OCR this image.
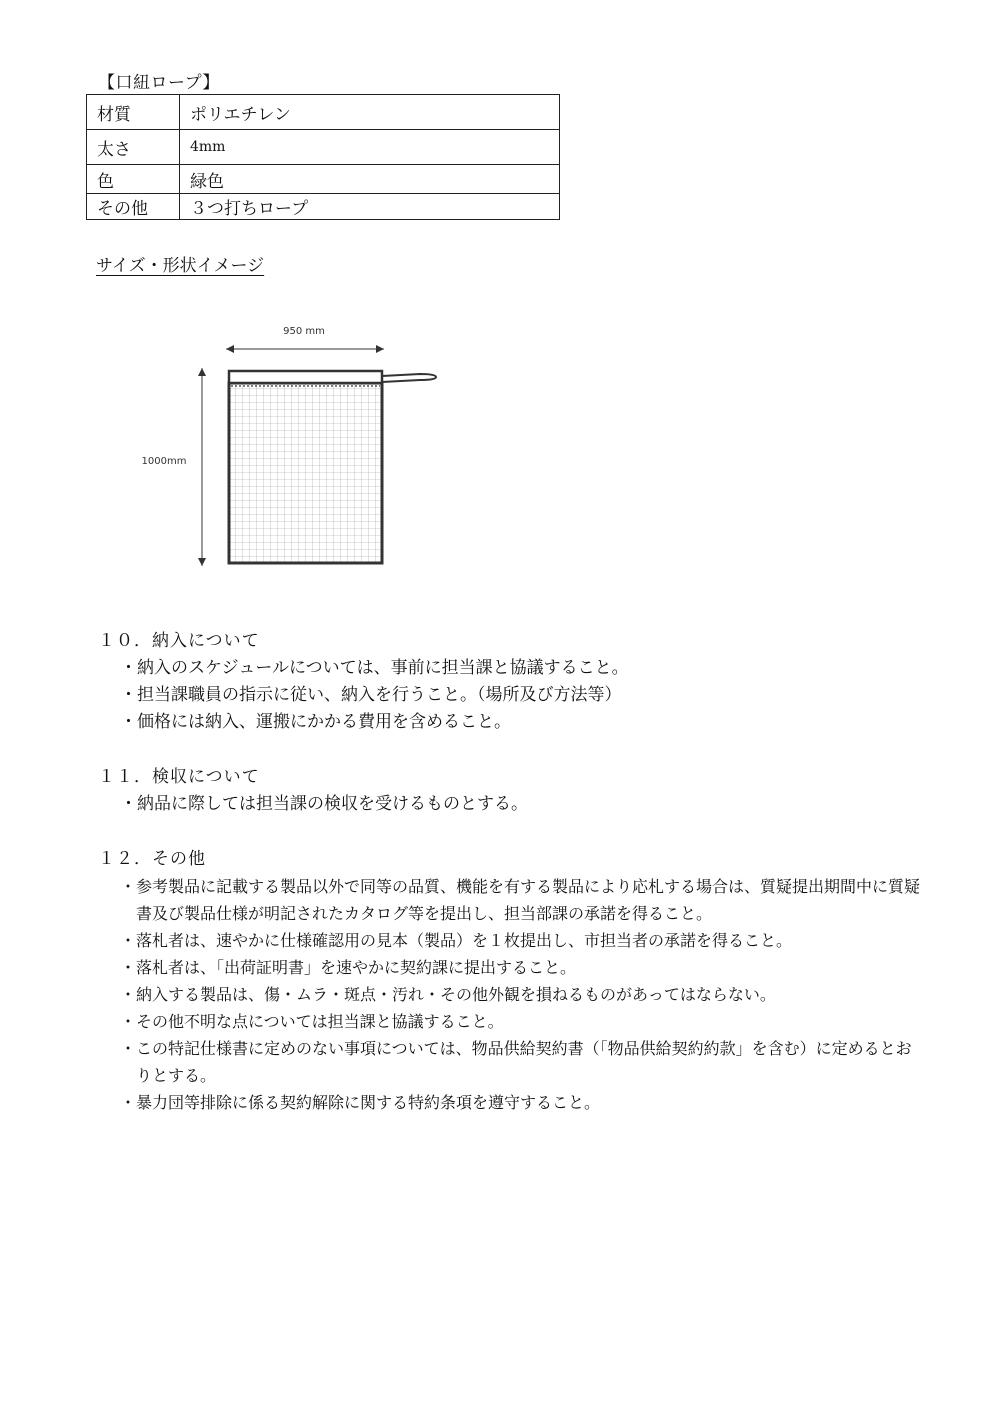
【口紐ロープ】
材質	ポリエチレン
太さ	4mm
色	緑色
その他	３つ打ちロープ
サイズ・形状イメージ
950 mm
1000mm
１０．納入について
・納入のスケジュールについては、事前に担当課と協議すること。
・担当課職員の指示に従い、納入を行うこと。（場所及び方法等）
・価格には納入、運搬にかかる費用を含めること。
１１．検収について
・納品に際しては担当課の検収を受けるものとする。
１２．その他
・参考製品に記載する製品以外で同等の品質、機能を有する製品により応札する場合は、質疑提出期間中に質疑書及び製品仕様が明記されたカタログ等を提出し、担当部課の承諾を得ること。
・落札者は、速やかに仕様確認用の見本（製品）を１枚提出し、市担当者の承諾を得ること。
・落札者は、「出荷証明書」を速やかに契約課に提出すること。
・納入する製品は、傷・ムラ・斑点・汚れ・その他外観を損ねるものがあってはならない。
・その他不明な点については担当課と協議すること。
・この特記仕様書に定めのない事項については、物品供給契約書（「物品供給契約約款」を含む）に定めるとおりとする。
・暴力団等排除に係る契約解除に関する特約条項を遵守すること。
